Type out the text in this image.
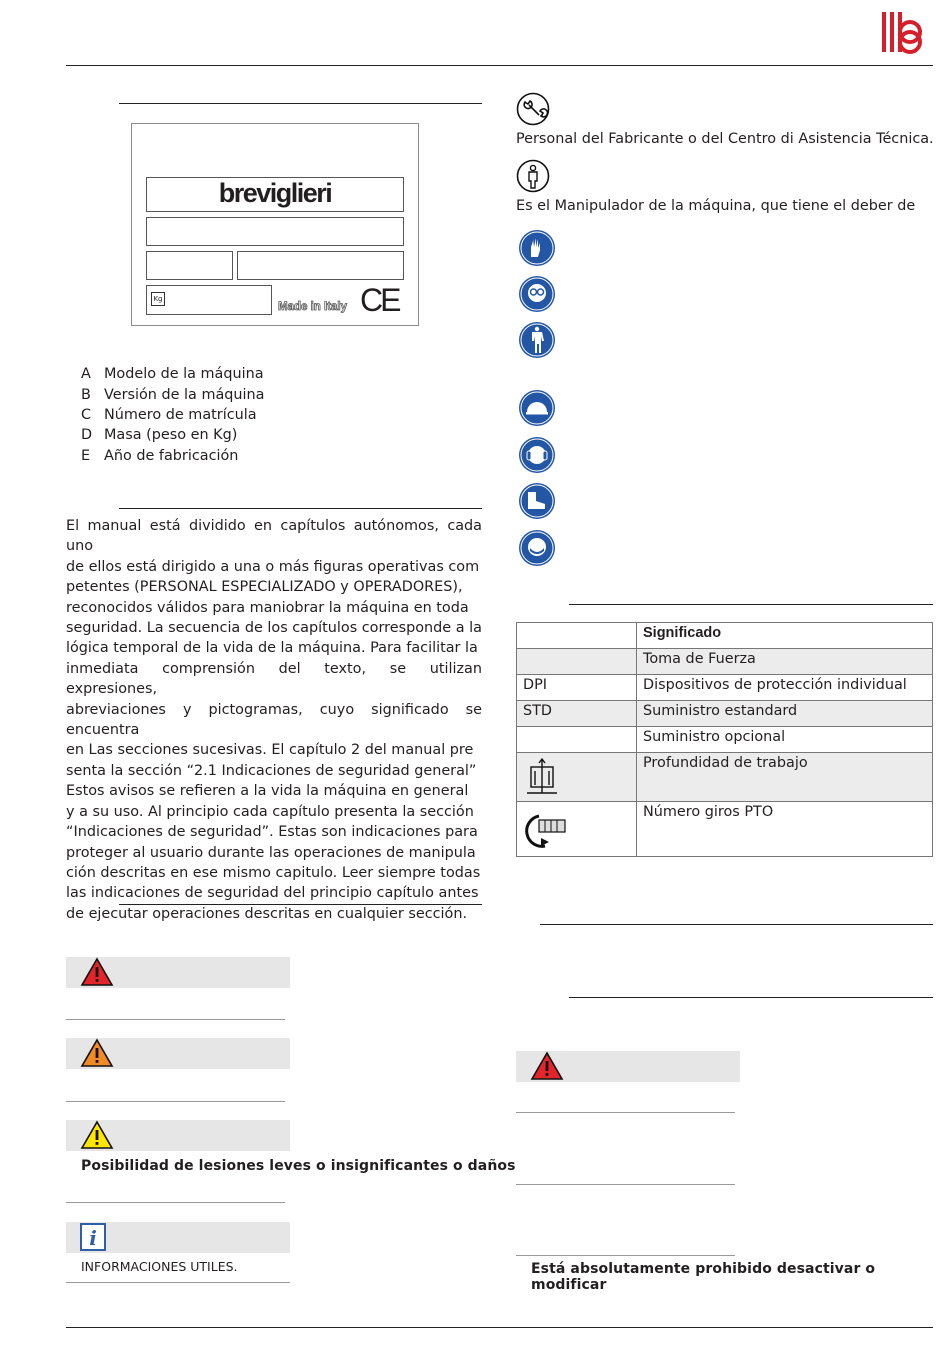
breviglieri
Kg
Made in Italy CE
A Modelo de la máquina
B Versión de la máquina
C Número de matrícula
D Masa (peso en Kg)
E Año de fabricación
El manual está dividido en capítulos autónomos, cada uno
de ellos está dirigido a una o más figuras operativas com
petentes (PERSONAL ESPECIALIZADO y OPERADORES),
reconocidos válidos para maniobrar la máquina en toda
seguridad. La secuencia de los capítulos corresponde a la
lógica temporal de la vida de la máquina. Para facilitar la
inmediata comprensión del texto, se utilizan expresiones,
abreviaciones y pictogramas, cuyo significado se encuentra
en Las secciones sucesivas. El capítulo 2 del manual pre
senta la sección “2.1 Indicaciones de seguridad general”
Estos avisos se refieren a la vida la máquina en general
y a su uso. Al principio cada capítulo presenta la sección
“Indicaciones de seguridad”. Estas son indicaciones para
proteger al usuario durante las operaciones de manipula
ción descritas en ese mismo capitulo. Leer siempre todas
las indicaciones de seguridad del principio capítulo antes
de ejecutar operaciones descritas en cualquier sección.
Posibilidad de lesiones leves o insignificantes o daños
i
INFORMACIONES UTILES.
Personal del Fabricante o del Centro di Asistencia Técnica.
Es el Manipulador de la máquina, que tiene el deber de
	Significado
	Toma de Fuerza
DPI	Dispositivos de protección individual
STD	Suministro estandard
	Suministro opcional

	Profundidad de trabajo

	Número giros PTO
Está absolutamente prohibido desactivar o modificar
